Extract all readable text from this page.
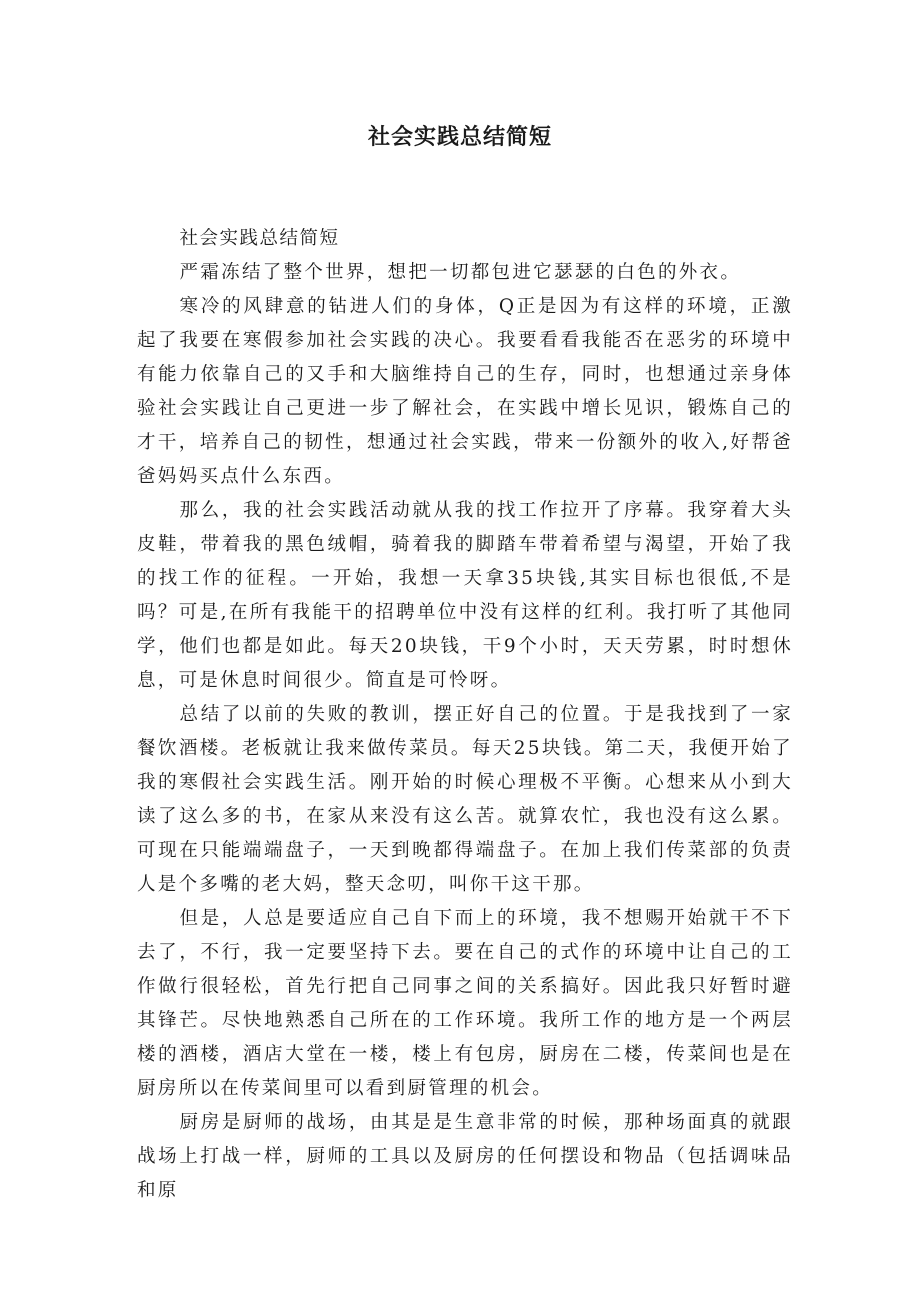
社会实践总结简短

社会实践总结简短

严霜冻结了整个世界，想把一切都包进它瑟瑟的白色的外衣。

寒冷的风肆意的钻进人们的身体，Q正是因为有这样的环境，正激起了我要在寒假参加社会实践的决心。我要看看我能否在恶劣的环境中有能力依靠自己的又手和大脑维持自己的生存，同时，也想通过亲身体验社会实践让自己更进一步了解社会，在实践中增长见识，锻炼自己的才干，培养自己的韧性，想通过社会实践，带来一份额外的收入,好帮爸爸妈妈买点什么东西。

那么，我的社会实践活动就从我的找工作拉开了序幕。我穿着大头皮鞋，带着我的黑色绒帽，骑着我的脚踏车带着希望与渴望，开始了我的找工作的征程。一开始，我想一天拿35块钱,其实目标也很低,不是吗？可是,在所有我能干的招聘单位中没有这样的红利。我打听了其他同学，他们也都是如此。每天20块钱，干9个小时，天天劳累，时时想休息，可是休息时间很少。简直是可怜呀。

总结了以前的失败的教训，摆正好自己的位置。于是我找到了一家餐饮酒楼。老板就让我来做传菜员。每天25块钱。第二天，我便开始了我的寒假社会实践生活。刚开始的时候心理极不平衡。心想来从小到大读了这么多的书，在家从来没有这么苦。就算农忙，我也没有这么累。可现在只能端端盘子，一天到晚都得端盘子。在加上我们传菜部的负责人是个多嘴的老大妈，整天念叨，叫你干这干那。

但是，人总是要适应自己自下而上的环境，我不想赐开始就干不下去了，不行，我一定要坚持下去。要在自己的式作的环境中让自己的工作做行很轻松，首先行把自己同事之间的关系搞好。因此我只好暂时避其锋芒。尽快地熟悉自己所在的工作环境。我所工作的地方是一个两层楼的酒楼，酒店大堂在一楼，楼上有包房，厨房在二楼，传菜间也是在厨房所以在传菜间里可以看到厨管理的机会。

厨房是厨师的战场，由其是是生意非常的时候，那种场面真的就跟战场上打战一样，厨师的工具以及厨房的任何摆设和物品（包括调味品和原
